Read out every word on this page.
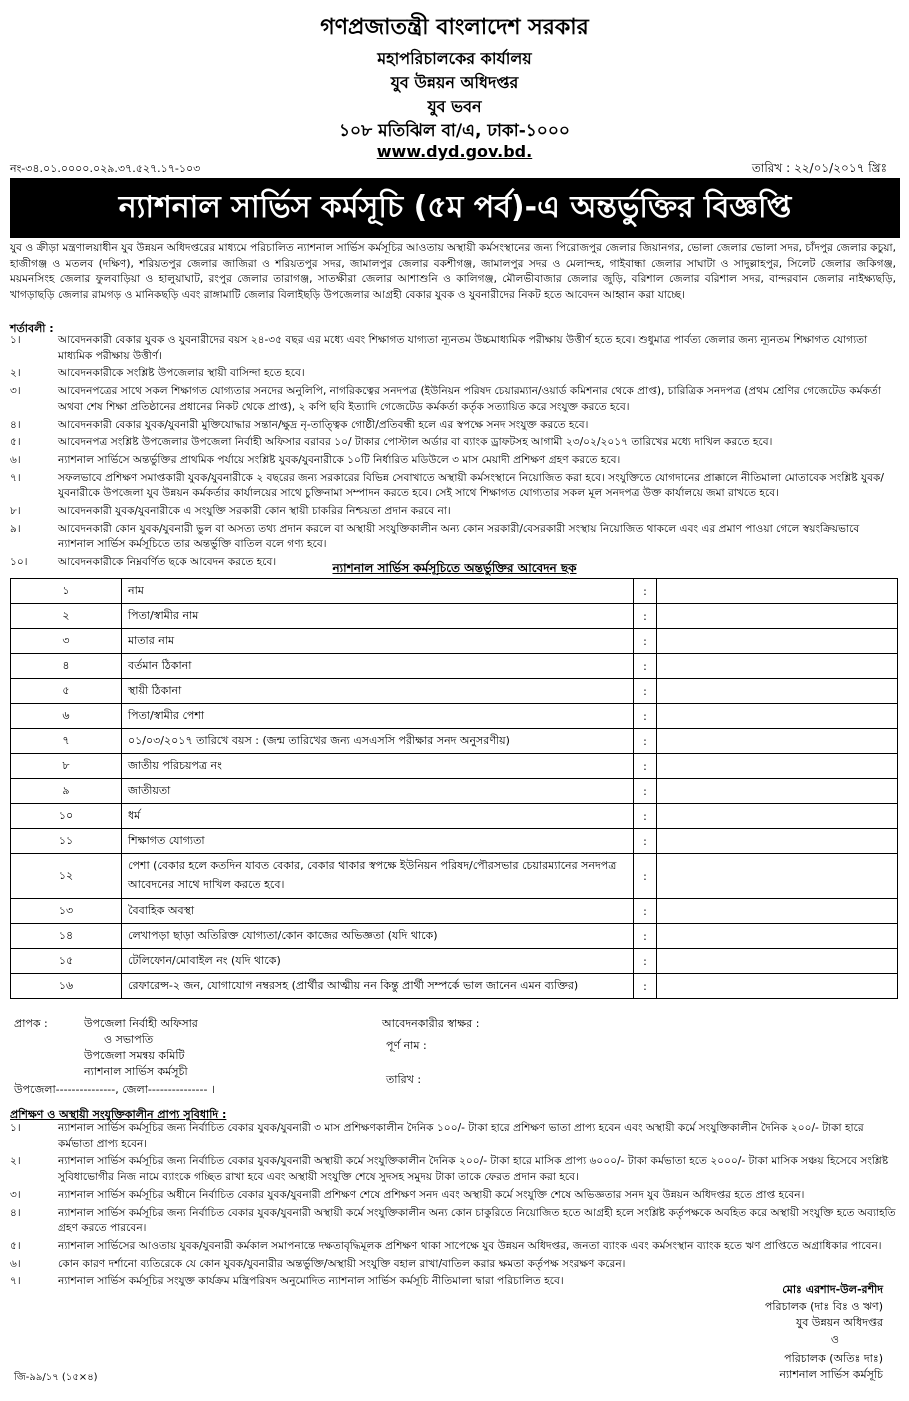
গণপ্রজাতন্ত্রী বাংলাদেশ সরকার
মহাপরিচালকের কার্যালয়
যুব উন্নয়ন অধিদপ্তর
যুব ভবন
১০৮ মতিঝিল বা/এ, ঢাকা-১০০০
www.dyd.gov.bd.
নং-৩৪.০১.০০০০.০২৯.৩৭.৫২৭.১৭-১০৩	তারিখ : ২২/০১/২০১৭ খ্রিঃ
ন্যাশনাল সার্ভিস কর্মসূচি (৫ম পর্ব)-এ অন্তর্ভুক্তির বিজ্ঞপ্তি
যুব ও ক্রীড়া মন্ত্রণালয়াধীন যুব উন্নয়ন অধিদপ্তরের মাধ্যমে পরিচালিত ন্যাশনাল সার্ভিস কর্মসূচির আওতায় অস্থায়ী কর্মসংস্থানের জন্য পিরোজপুর জেলার জিয়ানগর, ভোলা জেলার ভোলা সদর, চাঁদপুর জেলার কচুয়া, হাজীগঞ্জ ও মতলব (দক্ষিণ), শরিয়তপুর জেলার জাজিরা ও শরিয়তপুর সদর, জামালপুর জেলার বকশীগঞ্জ, জামালপুর সদর ও মেলান্দহ, গাইবান্ধা জেলার সাঘাটা ও সাদুল্লাহপুর, সিলেট জেলার জকিগঞ্জ, ময়মনসিংহ জেলার ফুলবাড়িয়া ও হালুয়াঘাট, রংপুর জেলার তারাগঞ্জ, সাতক্ষীরা জেলার আশাশুনি ও কালিগঞ্জ, মৌলভীবাজার জেলার জুড়ি, বরিশাল জেলার বরিশাল সদর, বান্দরবান জেলার নাইক্ষ্যছড়ি, খাগড়াছড়ি জেলার রামগড় ও মানিকছড়ি এবং রাঙ্গামাটি জেলার বিলাইছড়ি উপজেলার আগ্রহী বেকার যুবক ও যুবনারীদের নিকট হতে আবেদন আহ্বান করা যাচ্ছে।
শর্তাবলী :
১।	আবেদনকারী বেকার যুবক ও যুবনারীদের বয়স ২৪-৩৫ বছর এর মধ্যে এবং শিক্ষাগত যাগ্যতা ন্যূনতম উচ্চমাধ্যমিক পরীক্ষায় উত্তীর্ণ হতে হবে। শুধুমাত্র পার্বত্য জেলার জন্য ন্যূনতম শিক্ষাগত যোগ্যতা মাধ্যমিক পরীক্ষায় উত্তীর্ণ।
২।	আবেদনকারীকে সংশ্লিষ্ট উপজেলার স্থায়ী বাসিন্দা হতে হবে।
৩।	আবেদনপত্রের সাথে সকল শিক্ষাগত যোগ্যতার সনদের অনুলিপি, নাগরিকত্বের সনদপত্র (ইউনিয়ন পরিষদ চেয়ারম্যান/ওয়ার্ড কমিশনার থেকে প্রাপ্ত), চারিত্রিক সনদপত্র (প্রথম শ্রেণির গেজেটেড কর্মকর্তা অথবা শেষ শিক্ষা প্রতিষ্ঠানের প্রধানের নিকট থেকে প্রাপ্ত), ২ কপি ছবি ইত্যাদি গেজেটেড কর্মকর্তা কর্তৃক সত্যায়িত করে সংযুক্ত করতে হবে।
৪।	আবেদনকারী বেকার যুবক/যুবনারী মুক্তিযোদ্ধার সন্তান/ক্ষুদ্র নৃ-তাত্ত্বিক গোষ্ঠী/প্রতিবন্ধী হলে এর স্বপক্ষে সনদ সংযুক্ত করতে হবে।
৫।	আবেদনপত্র সংশ্লিষ্ট উপজেলার উপজেলা নির্বাহী অফিসার বরাবর ১০/ টাকার পোস্টাল অর্ডার বা ব্যাংক ড্রাফটসহ আগামী ২৩/০২/২০১৭ তারিখের মধ্যে দাখিল করতে হবে।
৬।	ন্যাশনাল সার্ভিসে অন্তর্ভুক্তির প্রাথমিক পর্যায়ে সংশ্লিষ্ট যুবক/যুবনারীকে ১০টি নির্ধারিত মডিউলে ৩ মাস মেয়াদী প্রশিক্ষণ গ্রহণ করতে হবে।
৭।	সফলভাবে প্রশিক্ষণ সমাপ্তকারী যুবক/যুবনারীকে ২ বছরের জন্য সরকারের বিভিন্ন সেবাখাতে অস্থায়ী কর্মসংস্থানে নিয়োজিত করা হবে। সংযুক্তিতে যোগদানের প্রাক্কালে নীতিমালা মোতাবেক সংশ্লিষ্ট যুবক/যুবনারীকে উপজেলা যুব উন্নয়ন কর্মকর্তার কার্যালয়ের সাথে চুক্তিনামা সম্পাদন করতে হবে। সেই সাথে শিক্ষাগত যোগ্যতার সকল মূল সনদপত্র উক্ত কার্যালয়ে জমা রাখতে হবে।
৮।	আবেদনকারী যুবক/যুবনারীকে এ সংযুক্তি সরকারী কোন স্থায়ী চাকরির নিশ্চয়তা প্রদান করবে না।
৯।	আবেদনকারী কোন যুবক/যুবনারী ভুল বা অসত্য তথ্য প্রদান করলে বা অস্থায়ী সংযুক্তিকালীন অন্য কোন সরকারী/বেসরকারী সংস্থায় নিয়োজিত থাকলে এবং এর প্রমাণ পাওয়া গেলে স্বয়ংক্রিয়ভাবে ন্যাশনাল সার্ভিস কর্মসূচিতে তার অন্তর্ভুক্তি বাতিল বলে গণ্য হবে।
১০।	আবেদনকারীকে নিম্নবর্ণিত ছকে আবেদন করতে হবে।	ন্যাশনাল সার্ভিস কর্মসূচিতে অন্তর্ভুক্তির আবেদন ছক
১	নাম	:	
২	পিতা/স্বামীর নাম	:	
৩	মাতার নাম	:	
৪	বর্তমান ঠিকানা	:	
৫	স্থায়ী ঠিকানা	:	
৬	পিতা/স্বামীর পেশা	:	
৭	০১/০৩/২০১৭ তারিখে বয়স : (জন্ম তারিখের জন্য এসএসসি পরীক্ষার সনদ অনুসরণীয়)	:	
৮	জাতীয় পরিচয়পত্র নং	:	
৯	জাতীয়তা	:	
১০	ধর্ম	:	
১১	শিক্ষাগত যোগ্যতা	:	
১২	পেশা (বেকার হলে কতদিন যাবত বেকার, বেকার থাকার স্বপক্ষে ইউনিয়ন পরিষদ/পৌরসভার চেয়ারম্যানের সনদপত্র আবেদনের সাথে দাখিল করতে হবে।	:	
১৩	বৈবাহিক অবস্থা	:	
১৪	লেখাপড়া ছাড়া অতিরিক্ত যোগ্যতা/কোন কাজের অভিজ্ঞতা (যদি থাকে)	:	
১৫	টেলিফোন/মোবাইল নং (যদি থাকে)	:	
১৬	রেফারেন্স-২ জন, যোগাযোগ নম্বরসহ (প্রার্থীর আত্মীয় নন কিন্তু প্রার্থী সম্পর্কে ভাল জানেন এমন ব্যক্তির)	:	
প্রাপক :	উপজেলা নির্বাহী অফিসার
ও সভাপতি
উপজেলা সমন্বয় কমিটি
ন্যাশনাল সার্ভিস কর্মসূচী
উপজেলা---------------, জেলা--------------- ।
আবেদনকারীর স্বাক্ষর :
পূর্ণ নাম :
তারিখ :
প্রশিক্ষণ ও অস্থায়ী সংযুক্তিকালীন প্রাপ্য সুবিধাদি :
১।	ন্যাশনাল সার্ভিস কর্মসূচির জন্য নির্বাচিত বেকার যুবক/যুবনারী ৩ মাস প্রশিক্ষণকালীন দৈনিক ১০০/- টাকা হারে প্রশিক্ষণ ভাতা প্রাপ্য হবেন এবং অস্থায়ী কর্মে সংযুক্তিকালীন দৈনিক ২০০/- টাকা হারে কর্মভাতা প্রাপ্য হবেন।
২।	ন্যাশনাল সার্ভিস কর্মসূচির জন্য নির্বাচিত বেকার যুবক/যুবনারী অস্থায়ী কর্মে সংযুক্তিকালীন দৈনিক ২০০/- টাকা হারে মাসিক প্রাপ্য ৬০০০/- টাকা কর্মভাতা হতে ২০০০/- টাকা মাসিক সঞ্চয় হিসেবে সংশ্লিষ্ট সুবিধাভোগীর নিজ নামে ব্যাংকে গচ্ছিত রাখা হবে এবং অস্থায়ী সংযুক্তি শেষে সুদসহ সমুদয় টাকা তাকে ফেরত প্রদান করা হবে।
৩।	ন্যাশনাল সার্ভিস কর্মসূচির অধীনে নির্বাচিত বেকার যুবক/যুবনারী প্রশিক্ষণ শেষে প্রশিক্ষণ সনদ এবং অস্থায়ী কর্মে সংযুক্তি শেষে অভিজ্ঞতার সনদ যুব উন্নয়ন অধিদপ্তর হতে প্রাপ্ত হবেন।
৪।	ন্যাশনাল সার্ভিস কর্মসূচির জন্য নির্বাচিত বেকার যুবক/যুবনারী অস্থায়ী কর্মে সংযুক্তিকালীন অন্য কোন চাকুরিতে নিয়োজিত হতে আগ্রহী হলে সংশ্লিষ্ট কর্তৃপক্ষকে অবহিত করে অস্থায়ী সংযুক্তি হতে অব্যাহতি গ্রহণ করতে পারবেন।
৫।	ন্যাশনাল সার্ভিসের আওতায় যুবক/যুবনারী কর্মকাল সমাপনান্তে দক্ষতাবৃদ্ধিমূলক প্রশিক্ষণ থাকা সাপেক্ষে যুব উন্নয়ন অধিদপ্তর, জনতা ব্যাংক এবং কর্মসংস্থান ব্যাংক হতে ঋণ প্রাপ্তিতে অগ্রাধিকার পাবেন।
৬।	কোন কারণ দর্শানো ব্যতিরেকে যে কোন যুবক/যুবনারীর অন্তর্ভুক্তি/অস্থায়ী সংযুক্তি বহাল রাখা/বাতিল করার ক্ষমতা কর্তৃপক্ষ সংরক্ষণ করেন।
৭।	ন্যাশনাল সার্ভিস কর্মসূচির সংযুক্ত কার্যক্রম মন্ত্রিপরিষদ অনুমোদিত ন্যাশনাল সার্ভিস কর্মসূচি নীতিমালা দ্বারা পরিচালিত হবে।
মোঃ এরশাদ-উল-রশীদ
পরিচালক (দাঃ বিঃ ও ঋণ)
যুব উন্নয়ন অধিদপ্তর
ও
পরিচালক (অতিঃ দাঃ)
ন্যাশনাল সার্ভিস কর্মসূচি
জি-৯৯/১৭ (১৫×৪)
